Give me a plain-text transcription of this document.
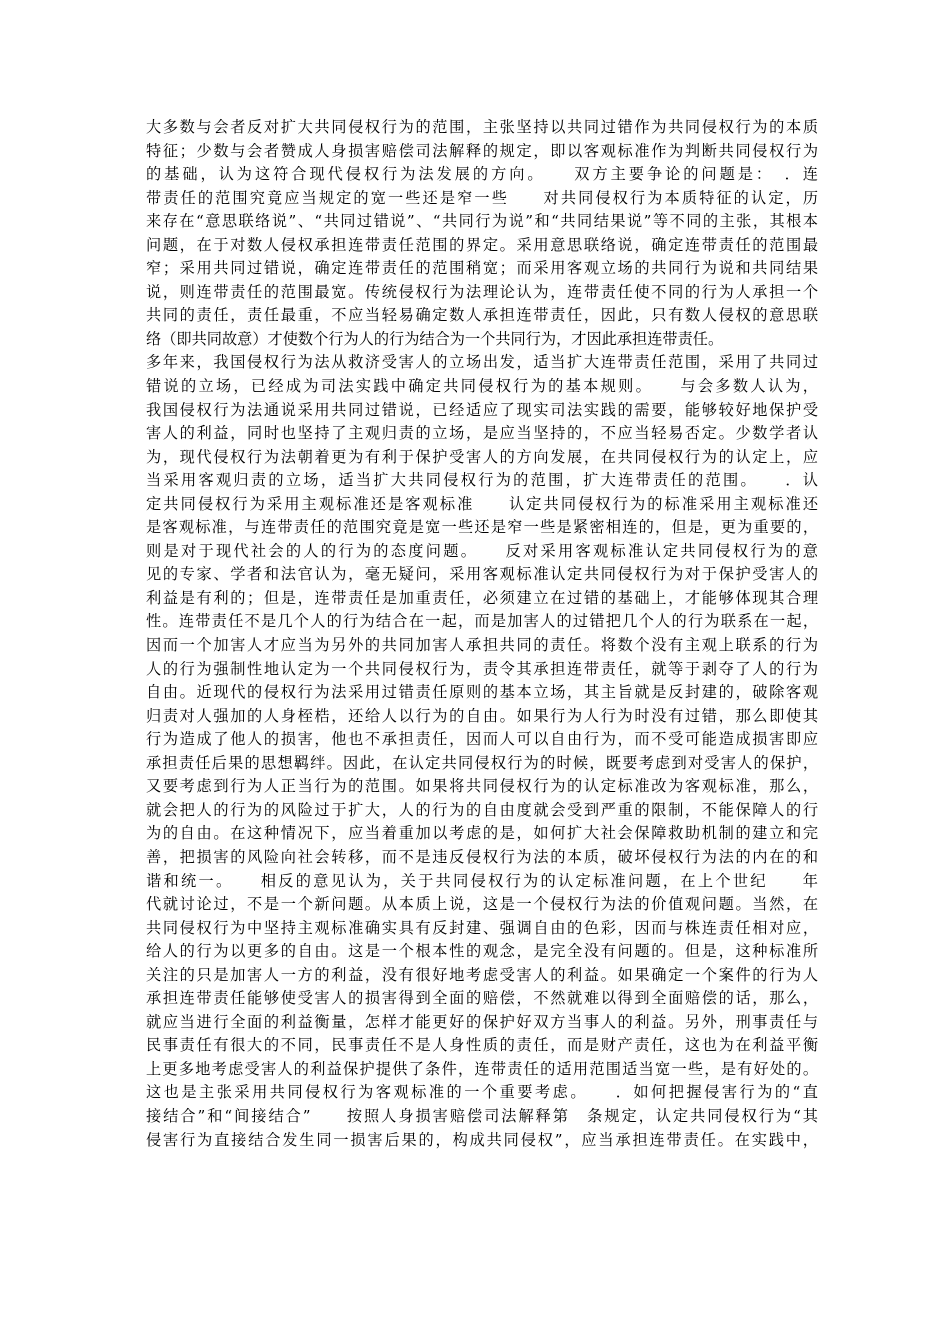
大多数与会者反对扩大共同侵权行为的范围，主张坚持以共同过错作为共同侵权行为的本质
特征；少数与会者赞成人身损害赔偿司法解释的规定，即以客观标准作为判断共同侵权行为
的基础，认为这符合现代侵权行为法发展的方向。　　双方主要争论的问题是：　．连
带责任的范围究竟应当规定的宽一些还是窄一些　　对共同侵权行为本质特征的认定，历
来存在“意思联络说”、“共同过错说”、“共同行为说”和“共同结果说”等不同的主张，其根本
问题，在于对数人侵权承担连带责任范围的界定。采用意思联络说，确定连带责任的范围最
窄；采用共同过错说，确定连带责任的范围稍宽；而采用客观立场的共同行为说和共同结果
说，则连带责任的范围最宽。传统侵权行为法理论认为，连带责任使不同的行为人承担一个
共同的责任，责任最重，不应当轻易确定数人承担连带责任，因此，只有数人侵权的意思联
络（即共同故意）才使数个行为人的行为结合为一个共同行为，才因此承担连带责任。
多年来，我国侵权行为法从救济受害人的立场出发，适当扩大连带责任范围，采用了共同过
错说的立场，已经成为司法实践中确定共同侵权行为的基本规则。　　与会多数人认为，
我国侵权行为法通说采用共同过错说，已经适应了现实司法实践的需要，能够较好地保护受
害人的利益，同时也坚持了主观归责的立场，是应当坚持的，不应当轻易否定。少数学者认
为，现代侵权行为法朝着更为有利于保护受害人的方向发展，在共同侵权行为的认定上，应
当采用客观归责的立场，适当扩大共同侵权行为的范围，扩大连带责任的范围。　　．认
定共同侵权行为采用主观标准还是客观标准　　认定共同侵权行为的标准采用主观标准还
是客观标准，与连带责任的范围究竟是宽一些还是窄一些是紧密相连的，但是，更为重要的，
则是对于现代社会的人的行为的态度问题。　　反对采用客观标准认定共同侵权行为的意
见的专家、学者和法官认为，毫无疑问，采用客观标准认定共同侵权行为对于保护受害人的
利益是有利的；但是，连带责任是加重责任，必须建立在过错的基础上，才能够体现其合理
性。连带责任不是几个人的行为结合在一起，而是加害人的过错把几个人的行为联系在一起，
因而一个加害人才应当为另外的共同加害人承担共同的责任。将数个没有主观上联系的行为
人的行为强制性地认定为一个共同侵权行为，责令其承担连带责任，就等于剥夺了人的行为
自由。近现代的侵权行为法采用过错责任原则的基本立场，其主旨就是反封建的，破除客观
归责对人强加的人身桎梏，还给人以行为的自由。如果行为人行为时没有过错，那么即使其
行为造成了他人的损害，他也不承担责任，因而人可以自由行为，而不受可能造成损害即应
承担责任后果的思想羁绊。因此，在认定共同侵权行为的时候，既要考虑到对受害人的保护，
又要考虑到行为人正当行为的范围。如果将共同侵权行为的认定标准改为客观标准，那么，
就会把人的行为的风险过于扩大，人的行为的自由度就会受到严重的限制，不能保障人的行
为的自由。在这种情况下，应当着重加以考虑的是，如何扩大社会保障救助机制的建立和完
善，把损害的风险向社会转移，而不是违反侵权行为法的本质，破坏侵权行为法的内在的和
谐和统一。　　相反的意见认为，关于共同侵权行为的认定标准问题，在上个世纪　　年
代就讨论过，不是一个新问题。从本质上说，这是一个侵权行为法的价值观问题。当然，在
共同侵权行为中坚持主观标准确实具有反封建、强调自由的色彩，因而与株连责任相对应，
给人的行为以更多的自由。这是一个根本性的观念，是完全没有问题的。但是，这种标准所
关注的只是加害人一方的利益，没有很好地考虑受害人的利益。如果确定一个案件的行为人
承担连带责任能够使受害人的损害得到全面的赔偿，不然就难以得到全面赔偿的话，那么，
就应当进行全面的利益衡量，怎样才能更好的保护好双方当事人的利益。另外，刑事责任与
民事责任有很大的不同，民事责任不是人身性质的责任，而是财产责任，这也为在利益平衡
上更多地考虑受害人的利益保护提供了条件，连带责任的适用范围适当宽一些，是有好处的。
这也是主张采用共同侵权行为客观标准的一个重要考虑。　　．如何把握侵害行为的“直
接结合”和“间接结合”　　按照人身损害赔偿司法解释第　条规定，认定共同侵权行为“其
侵害行为直接结合发生同一损害后果的，构成共同侵权”，应当承担连带责任。在实践中，
